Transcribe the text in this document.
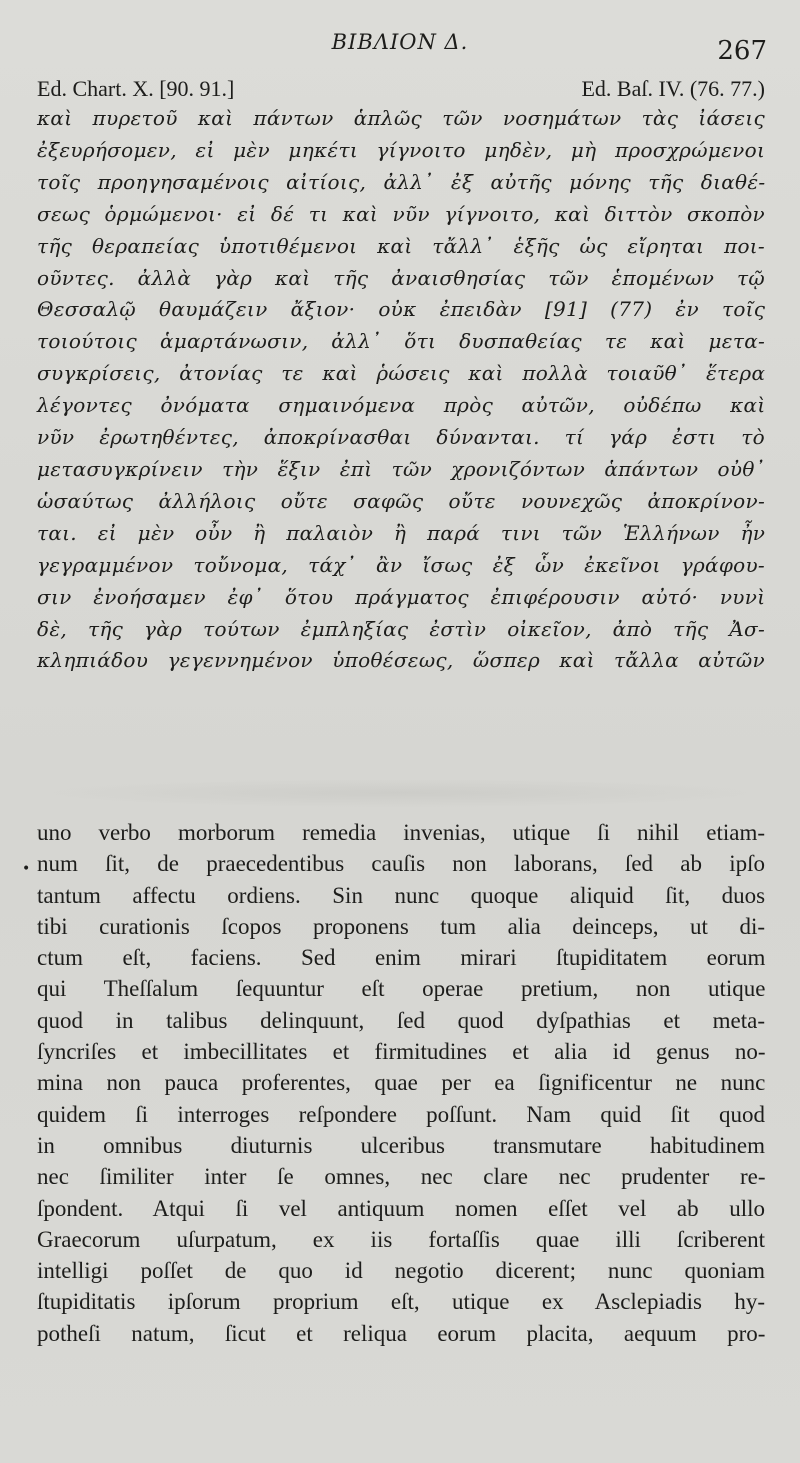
ΒΙΒΛΙΟΝ Δ.	267
Ed. Chart. X. [90. 91.]	Ed. Baſ. IV. (76. 77.)
καὶ πυρετοῦ καὶ πάντων ἁπλῶς τῶν νοσημάτων τὰς ἰάσεις
ἐξευρήσομεν, εἰ μὲν μηκέτι γίγνοιτο μηδὲν, μὴ προσχρώμενοι
τοῖς προηγησαμένοις αἰτίοις, ἀλλ᾽ ἐξ αὐτῆς μόνης τῆς διαθέ-
σεως ὁρμώμενοι· εἰ δέ τι καὶ νῦν γίγνοιτο, καὶ διττὸν σκοπὸν
τῆς θεραπείας ὑποτιθέμενοι καὶ τἄλλ᾽ ἑξῆς ὡς εἴρηται ποι-
οῦντες. ἀλλὰ γὰρ καὶ τῆς ἀναισθησίας τῶν ἑπομένων τῷ
Θεσσαλῷ θαυμάζειν ἄξιον· οὐκ ἐπειδὰν [91] (77) ἐν τοῖς
τοιούτοις ἁμαρτάνωσιν, ἀλλ᾽ ὅτι δυσπαθείας τε καὶ μετα-
συγκρίσεις, ἀτονίας τε καὶ ῥώσεις καὶ πολλὰ τοιαῦθ᾽ ἕτερα
λέγοντες ὀνόματα σημαινόμενα πρὸς αὐτῶν, οὐδέπω καὶ
νῦν ἐρωτηθέντες, ἀποκρίνασθαι δύνανται. τί γάρ ἐστι τὸ
μετασυγκρίνειν τὴν ἕξιν ἐπὶ τῶν χρονιζόντων ἁπάντων οὐθ᾽
ὡσαύτως ἀλλήλοις οὔτε σαφῶς οὔτε νουνεχῶς ἀποκρίνον-
ται. εἰ μὲν οὖν ἢ παλαιὸν ἢ παρά τινι τῶν Ἑλλήνων ἦν
γεγραμμένον τοὔνομα, τάχ᾽ ἂν ἴσως ἐξ ὧν ἐκεῖνοι γράφου-
σιν ἐνοήσαμεν ἐφ᾽ ὅτου πράγματος ἐπιφέρουσιν αὐτό· νυνὶ
δὲ, τῆς γὰρ τούτων ἐμπληξίας ἐστὶν οἰκεῖον, ἀπὸ τῆς Ἀσ-
κληπιάδου γεγεννημένον ὑποθέσεως, ὥσπερ καὶ τἄλλα αὐτῶν
•
uno verbo morborum remedia invenias, utique ſi nihil etiam-
num ſit, de praecedentibus cauſis non laborans, ſed ab ipſo
tantum affectu ordiens. Sin nunc quoque aliquid ſit, duos
tibi curationis ſcopos proponens tum alia deinceps, ut di-
ctum eſt, faciens. Sed enim mirari ſtupiditatem eorum
qui Theſſalum ſequuntur eſt operae pretium, non utique
quod in talibus delinquunt, ſed quod dyſpathias et meta-
ſyncriſes et imbecillitates et firmitudines et alia id genus no-
mina non pauca proferentes, quae per ea ſignificentur ne nunc
quidem ſi interroges reſpondere poſſunt. Nam quid ſit quod
in omnibus diuturnis ulceribus transmutare habitudinem
nec ſimiliter inter ſe omnes, nec clare nec prudenter re-
ſpondent. Atqui ſi vel antiquum nomen eſſet vel ab ullo
Graecorum uſurpatum, ex iis fortaſſis quae illi ſcriberent
intelligi poſſet de quo id negotio dicerent; nunc quoniam
ſtupiditatis ipſorum proprium eſt, utique ex Asclepiadis hy-
potheſi natum, ſicut et reliqua eorum placita, aequum pro-
